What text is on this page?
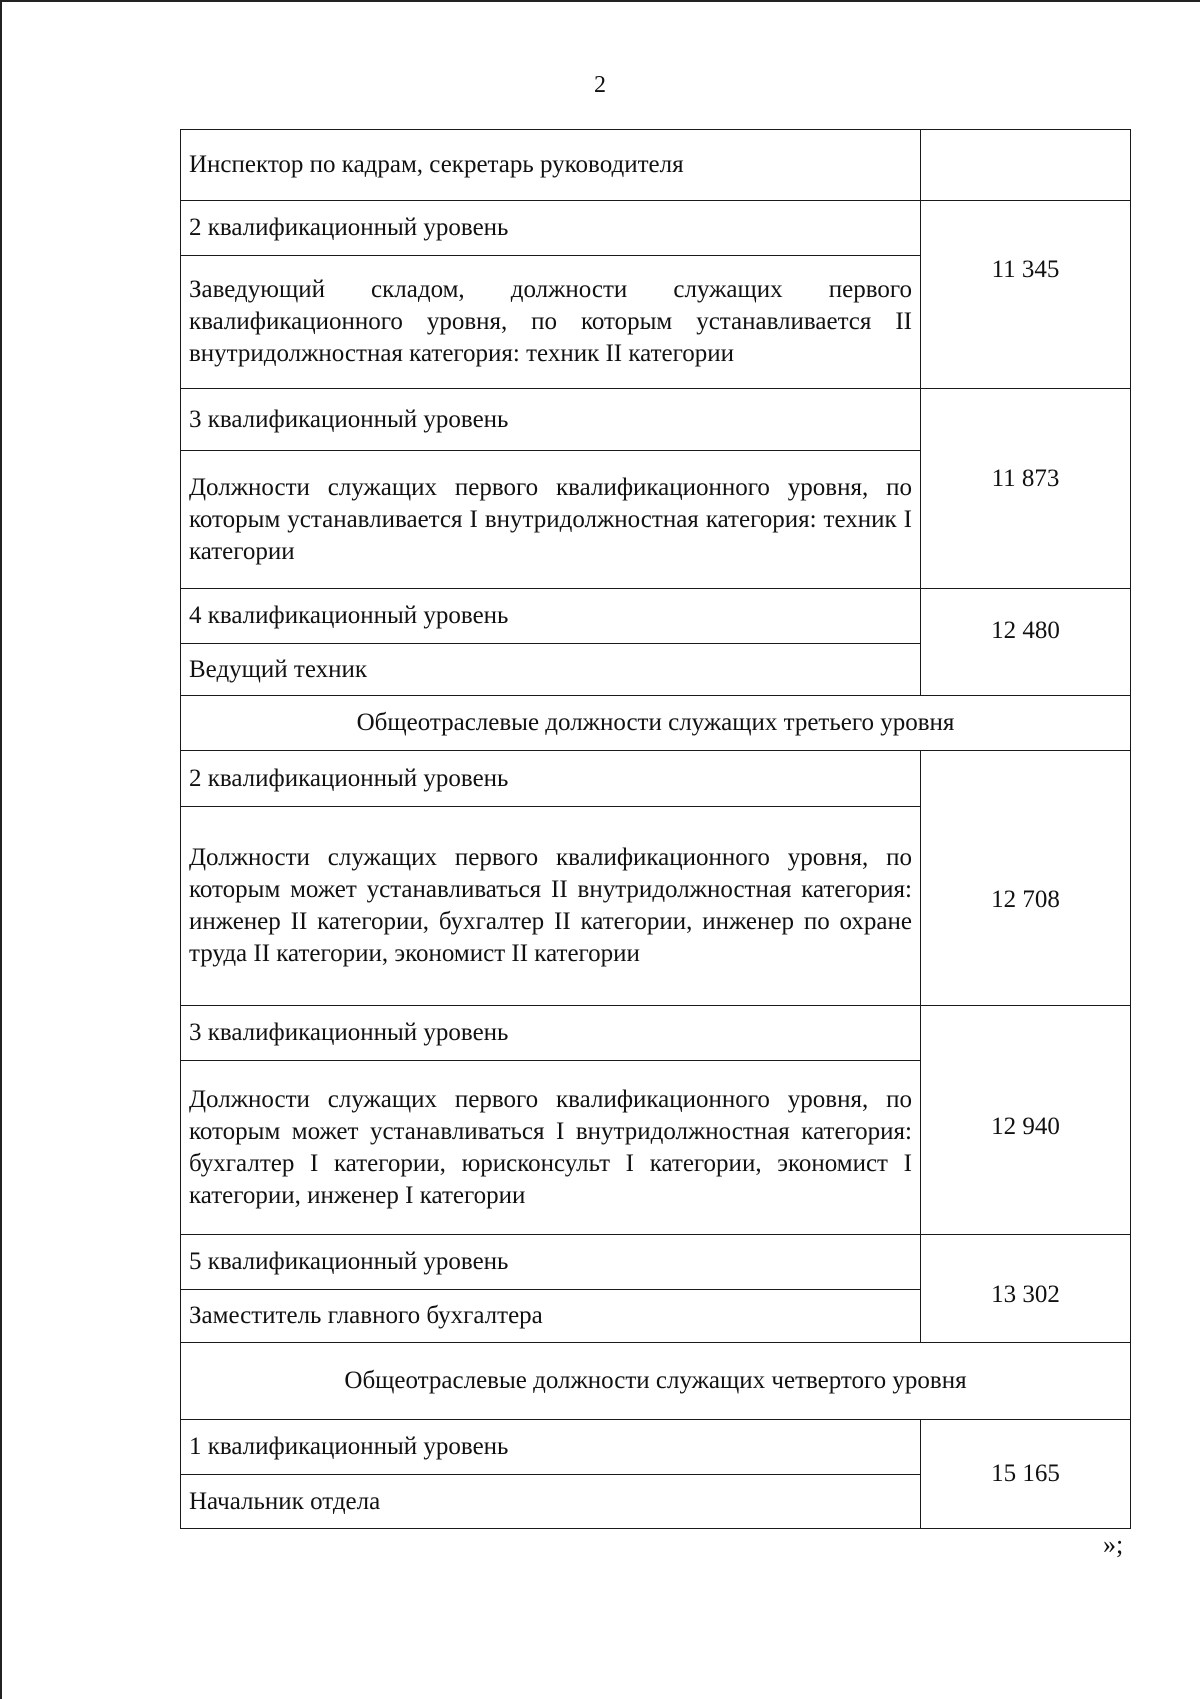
2
Инспектор по кадрам, секретарь руководителя	
2 квалификационный уровень	11 345
Заведующий складом, должности служащих первого квалификационного уровня, по которым устанавливается II внутридолжностная категория: техник II категории	
3 квалификационный уровень	11 873
Должности служащих первого квалификационного уровня, по которым устанавливается I внутридолжностная категория: техник I категории	
4 квалификационный уровень	12 480
Ведущий техник	
Общеотраслевые должности служащих третьего уровня	
2 квалификационный уровень	12 708
Должности служащих первого квалификационного уровня, по которым может устанавливаться II внутридолжностная категория: инженер II категории, бухгалтер II категории, инженер по охране труда II категории, экономист II категории	
3 квалификационный уровень	12 940
Должности служащих первого квалификационного уровня, по которым может устанавливаться I внутридолжностная категория: бухгалтер I категории, юрисконсульт I категории, экономист I категории, инженер I категории	
5 квалификационный уровень	13 302
Заместитель главного бухгалтера	
Общеотраслевые должности служащих четвертого уровня	
1 квалификационный уровень	15 165
Начальник отдела	
»;
